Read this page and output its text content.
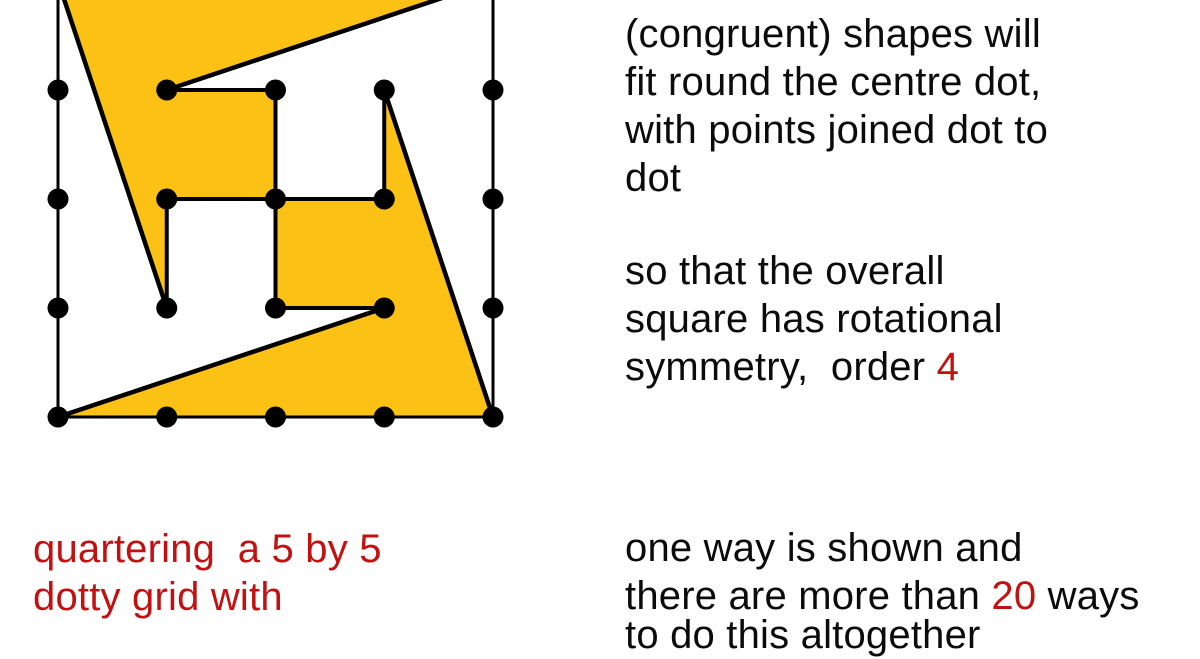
(congruent) shapes will
fit round the centre dot,
with points joined dot to
dot
so that the overall
square has rotational
symmetry,  order 4
quartering  a 5 by 5
dotty grid with
one way is shown and
there are more than 20 ways
to do this altogether
